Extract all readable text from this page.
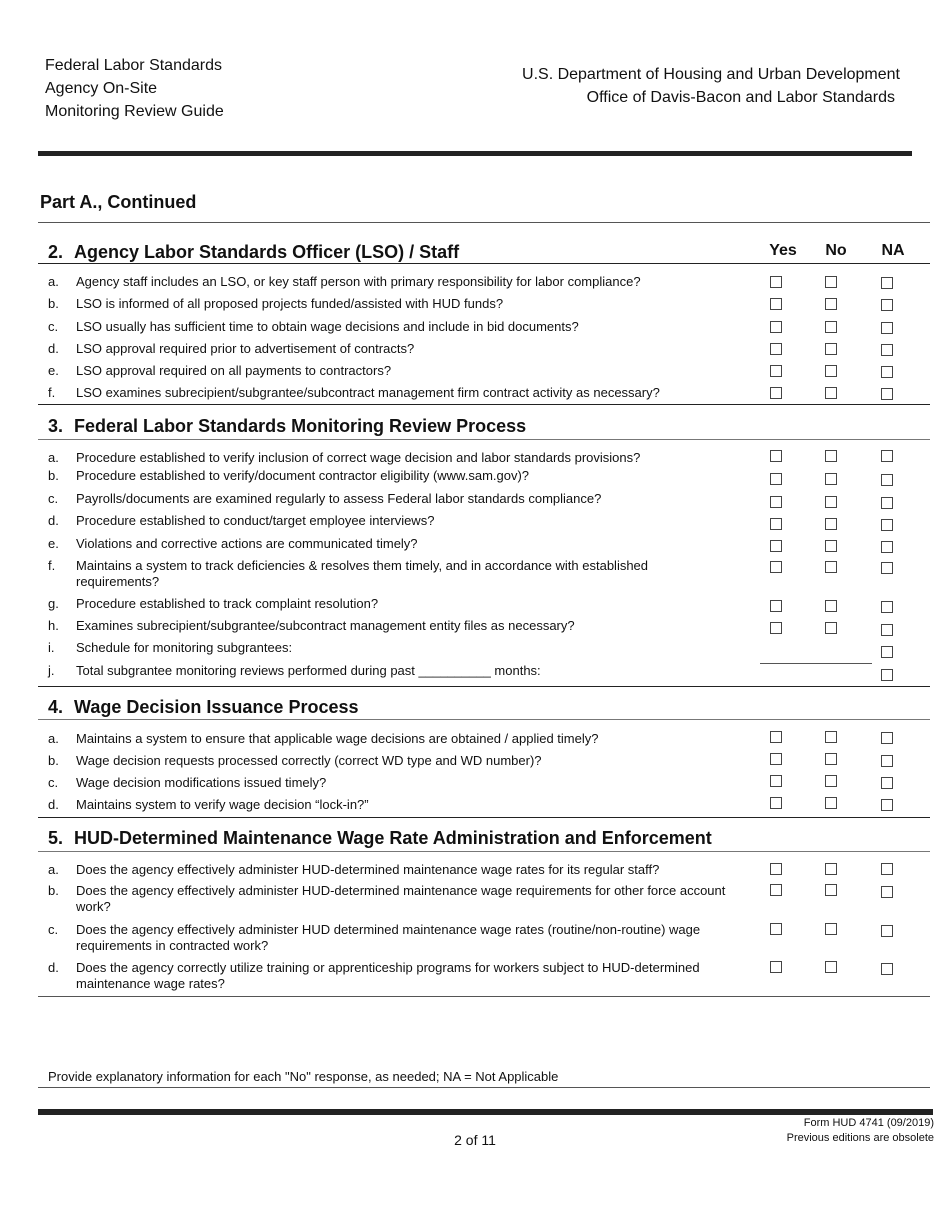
Federal Labor Standards
Agency On-Site
Monitoring Review Guide
U.S. Department of Housing and Urban Development
Office of Davis-Bacon and Labor Standards
Part A., Continued
Yes	No	NA
2. Agency Labor Standards Officer (LSO) / Staff
a. Agency staff includes an LSO, or key staff person with primary responsibility for labor compliance?
b. LSO is informed of all proposed projects funded/assisted with HUD funds?
c. LSO usually has sufficient time to obtain wage decisions and include in bid documents?
d. LSO approval required prior to advertisement of contracts?
e. LSO approval required on all payments to contractors?
f. LSO examines subrecipient/subgrantee/subcontract management firm contract activity as necessary?
3. Federal Labor Standards Monitoring Review Process
a. Procedure established to verify inclusion of correct wage decision and labor standards provisions?
b. Procedure established to verify/document contractor eligibility (www.sam.gov)?
c. Payrolls/documents are examined regularly to assess Federal labor standards compliance?
d. Procedure established to conduct/target employee interviews?
e. Violations and corrective actions are communicated timely?
f. Maintains a system to track deficiencies & resolves them timely, and in accordance with established requirements?
g. Procedure established to track complaint resolution?
h. Examines subrecipient/subgrantee/subcontract management entity files as necessary?
i. Schedule for monitoring subgrantees:
j. Total subgrantee monitoring reviews performed during past __________ months:
4. Wage Decision Issuance Process
a. Maintains a system to ensure that applicable wage decisions are obtained / applied timely?
b. Wage decision requests processed correctly (correct WD type and WD number)?
c. Wage decision modifications issued timely?
d. Maintains system to verify wage decision “lock-in?”
5. HUD-Determined Maintenance Wage Rate Administration and Enforcement
a. Does the agency effectively administer HUD-determined maintenance wage rates for its regular staff?
b. Does the agency effectively administer HUD-determined maintenance wage requirements for other force account work?
c. Does the agency effectively administer HUD determined maintenance wage rates (routine/non-routine) wage requirements in contracted work?
d. Does the agency correctly utilize training or apprenticeship programs for workers subject to HUD-determined maintenance wage rates?
Provide explanatory information for each "No" response, as needed; NA = Not Applicable
2 of 11
Form HUD 4741 (09/2019)
Previous editions are obsolete
